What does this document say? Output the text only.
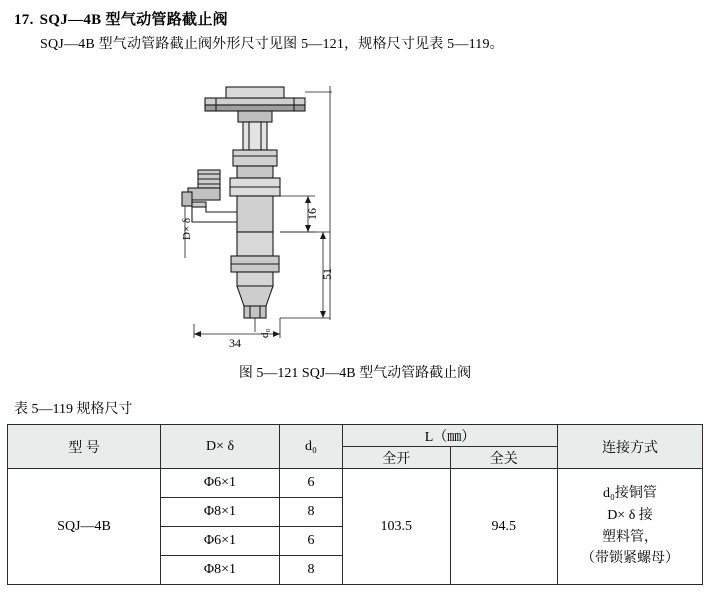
17. SQJ—4B 型气动管路截止阀
SQJ—4B 型气动管路截止阀外形尺寸见图 5—121，规格尺寸见表 5—119。
16
51
34
d₀
D× δ
图 5—121 SQJ—4B 型气动管路截止阀
表 5—119 规格尺寸
型 号	D× δ	d₀	L（㎜）		连接方式
			全开	全关	
SQJ—4B	Φ6×1	6	103.5	94.5	d₀接铜管
D× δ 接
塑料管，
（带锁紧螺母）

	Φ8×1	8			
	Φ6×1	6			
	Φ8×1	8			
